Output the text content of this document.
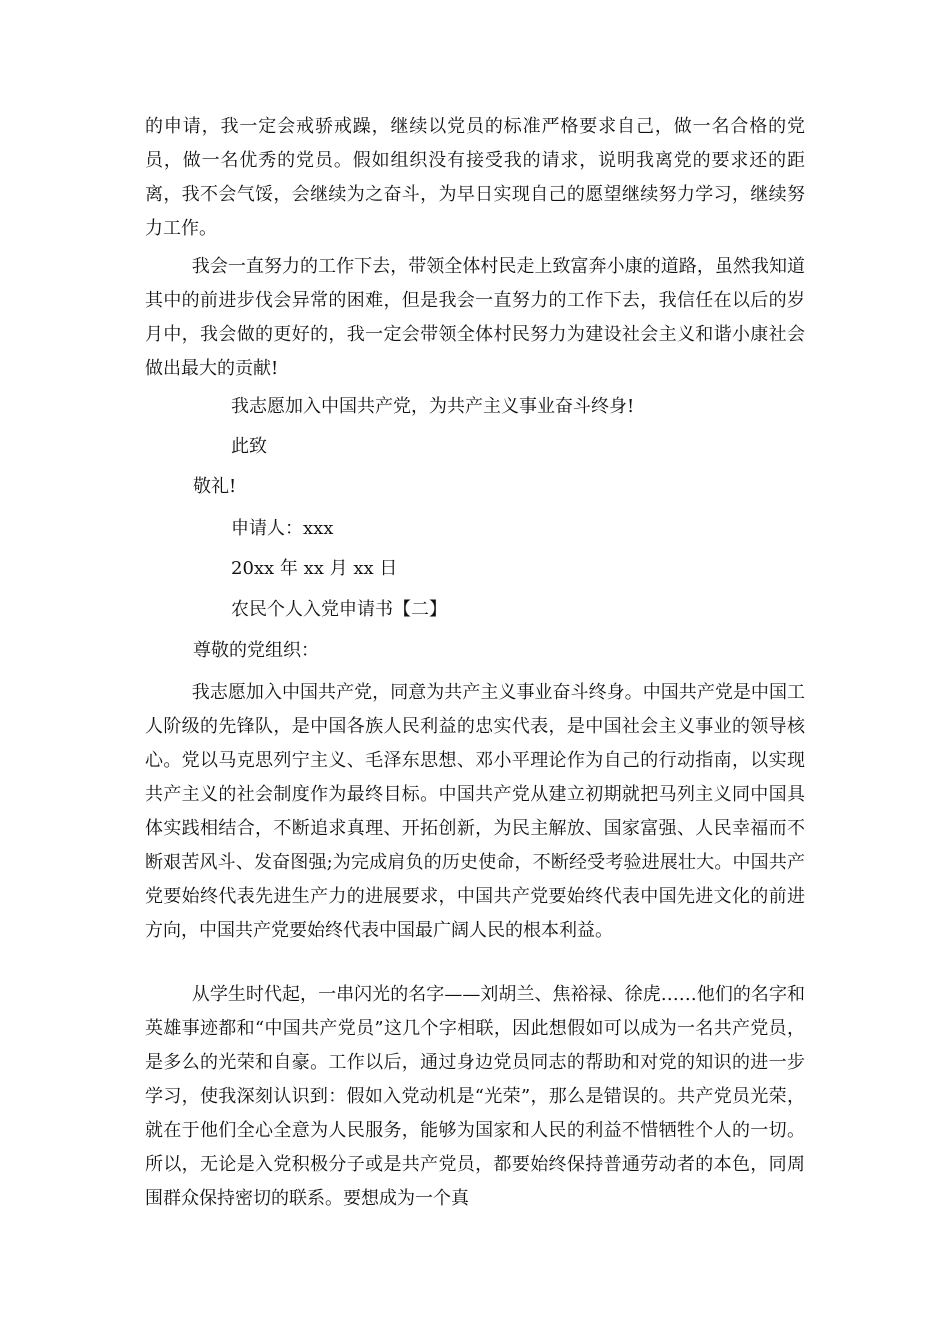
的申请，我一定会戒骄戒躁，继续以党员的标准严格要求自己，做一名合格的党员，做一名优秀的党员。假如组织没有接受我的请求，说明我离党的要求还的距离，我不会气馁，会继续为之奋斗，为早日实现自己的愿望继续努力学习，继续努力工作。

我会一直努力的工作下去，带领全体村民走上致富奔小康的道路，虽然我知道其中的前进步伐会异常的困难，但是我会一直努力的工作下去，我信任在以后的岁月中，我会做的更好的，我一定会带领全体村民努力为建设社会主义和谐小康社会做出最大的贡献!

我志愿加入中国共产党，为共产主义事业奋斗终身!

此致

敬礼!

申请人：xxx

20xx 年 xx 月 xx 日

农民个人入党申请书【二】

尊敬的党组织：

我志愿加入中国共产党，同意为共产主义事业奋斗终身。中国共产党是中国工人阶级的先锋队，是中国各族人民利益的忠实代表，是中国社会主义事业的领导核心。党以马克思列宁主义、毛泽东思想、邓小平理论作为自己的行动指南，以实现共产主义的社会制度作为最终目标。中国共产党从建立初期就把马列主义同中国具体实践相结合，不断追求真理、开拓创新，为民主解放、国家富强、人民幸福而不断艰苦风斗、发奋图强;为完成肩负的历史使命，不断经受考验进展壮大。中国共产党要始终代表先进生产力的进展要求，中国共产党要始终代表中国先进文化的前进方向，中国共产党要始终代表中国最广阔人民的根本利益。

从学生时代起，一串闪光的名字——刘胡兰、焦裕禄、徐虎……他们的名字和英雄事迹都和“中国共产党员”这几个字相联，因此想假如可以成为一名共产党员，是多么的光荣和自豪。工作以后，通过身边党员同志的帮助和对党的知识的进一步学习，使我深刻认识到：假如入党动机是“光荣”，那么是错误的。共产党员光荣，就在于他们全心全意为人民服务，能够为国家和人民的利益不惜牺牲个人的一切。所以，无论是入党积极分子或是共产党员，都要始终保持普通劳动者的本色，同周围群众保持密切的联系。要想成为一个真
